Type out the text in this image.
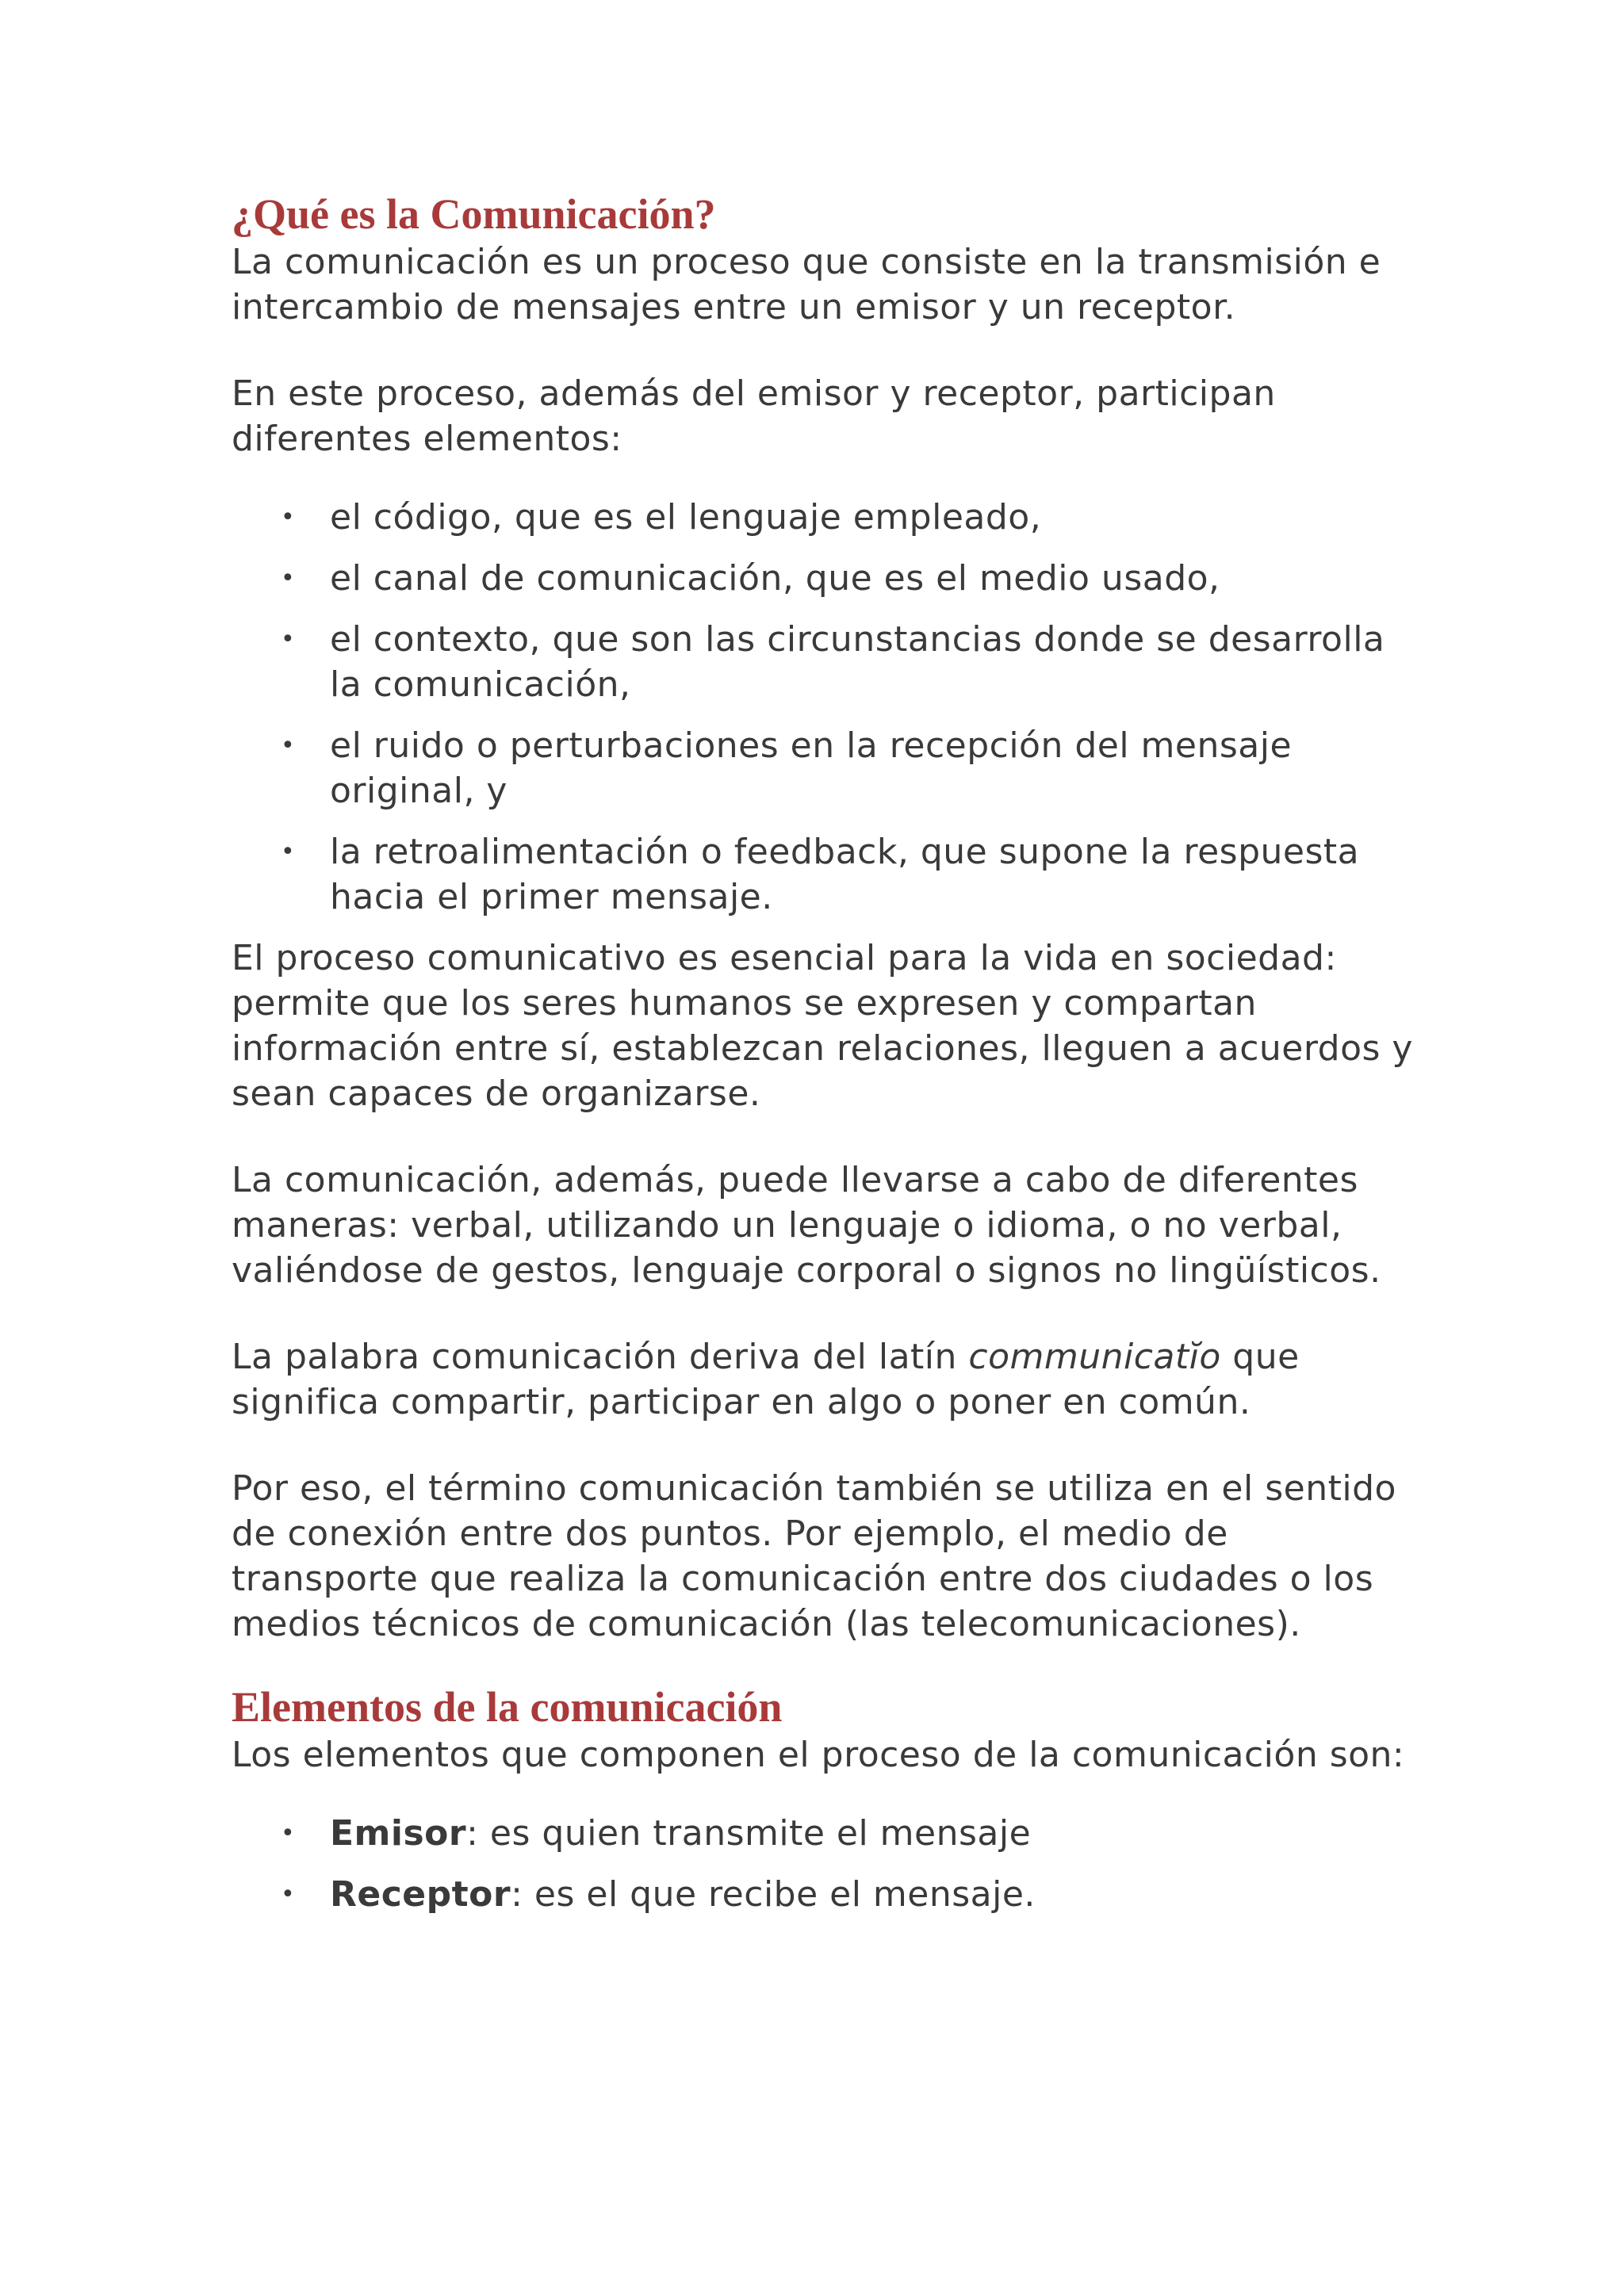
¿Qué es la Comunicación?

La comunicación es un proceso que consiste en la transmisión e intercambio de mensajes entre un emisor y un receptor.

En este proceso, además del emisor y receptor, participan diferentes elementos:

• el código, que es el lenguaje empleado,
• el canal de comunicación, que es el medio usado,
• el contexto, que son las circunstancias donde se desarrolla la comunicación,
• el ruido o perturbaciones en la recepción del mensaje original, y
• la retroalimentación o feedback, que supone la respuesta hacia el primer mensaje.

El proceso comunicativo es esencial para la vida en sociedad: permite que los seres humanos se expresen y compartan información entre sí, establezcan relaciones, lleguen a acuerdos y sean capaces de organizarse.

La comunicación, además, puede llevarse a cabo de diferentes maneras: verbal, utilizando un lenguaje o idioma, o no verbal, valiéndose de gestos, lenguaje corporal o signos no lingüísticos.

La palabra comunicación deriva del latín communicatĭo que significa compartir, participar en algo o poner en común.

Por eso, el término comunicación también se utiliza en el sentido de conexión entre dos puntos. Por ejemplo, el medio de transporte que realiza la comunicación entre dos ciudades o los medios técnicos de comunicación (las telecomunicaciones).

Elementos de la comunicación

Los elementos que componen el proceso de la comunicación son:

• Emisor: es quien transmite el mensaje
• Receptor: es el que recibe el mensaje.
